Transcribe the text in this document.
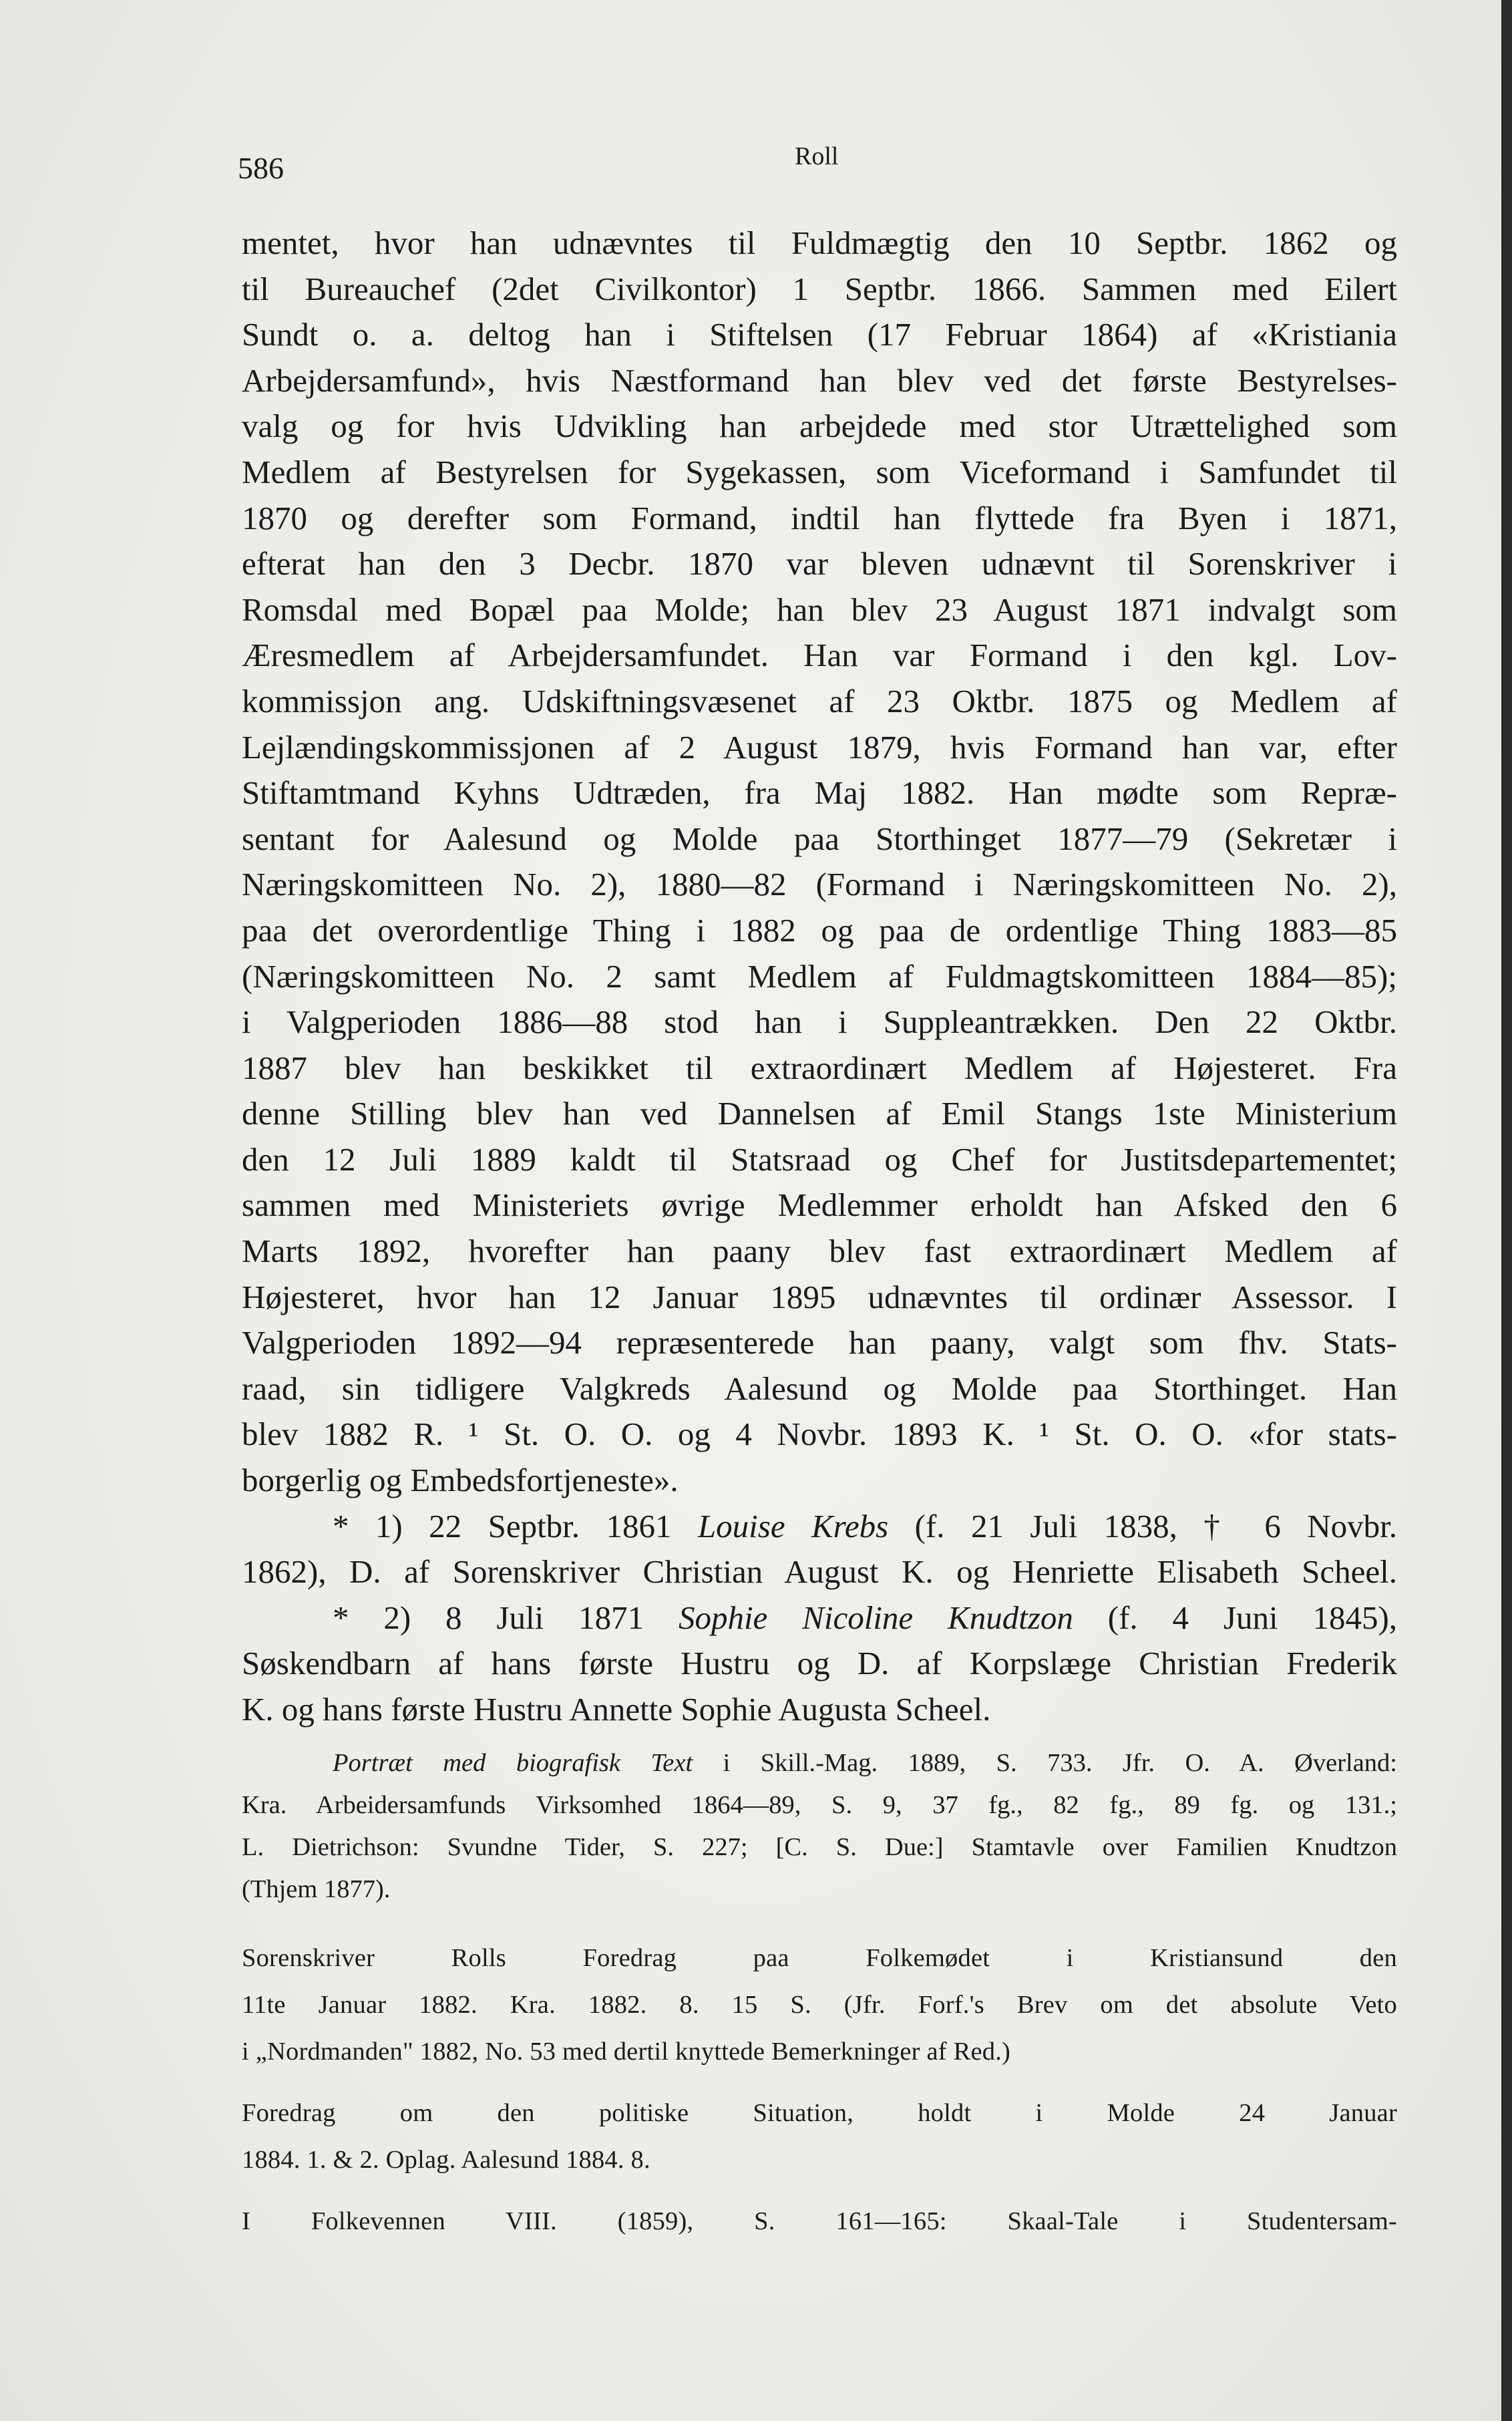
586	Roll
mentet, hvor han udnævntes til Fuldmægtig den 10 Septbr. 1862 og
til Bureauchef (2det Civilkontor) 1 Septbr. 1866. Sammen med Eilert
Sundt o. a. deltog han i Stiftelsen (17 Februar 1864) af «Kristiania
Arbejdersamfund», hvis Næstformand han blev ved det første Bestyrelses-
valg og for hvis Udvikling han arbejdede med stor Utrættelighed som
Medlem af Bestyrelsen for Sygekassen, som Viceformand i Samfundet til
1870 og derefter som Formand, indtil han flyttede fra Byen i 1871,
efterat han den 3 Decbr. 1870 var bleven udnævnt til Sorenskriver i
Romsdal med Bopæl paa Molde; han blev 23 August 1871 indvalgt som
Æresmedlem af Arbejdersamfundet. Han var Formand i den kgl. Lov-
kommissjon ang. Udskiftningsvæsenet af 23 Oktbr. 1875 og Medlem af
Lejlændingskommissjonen af 2 August 1879, hvis Formand han var, efter
Stiftamtmand Kyhns Udtræden, fra Maj 1882. Han mødte som Repræ-
sentant for Aalesund og Molde paa Storthinget 1877—79 (Sekretær i
Næringskomitteen No. 2), 1880—82 (Formand i Næringskomitteen No. 2),
paa det overordentlige Thing i 1882 og paa de ordentlige Thing 1883—85
(Næringskomitteen No. 2 samt Medlem af Fuldmagtskomitteen 1884—85);
i Valgperioden 1886—88 stod han i Suppleantrækken. Den 22 Oktbr.
1887 blev han beskikket til extraordinært Medlem af Højesteret. Fra
denne Stilling blev han ved Dannelsen af Emil Stangs 1ste Ministerium
den 12 Juli 1889 kaldt til Statsraad og Chef for Justitsdepartementet;
sammen med Ministeriets øvrige Medlemmer erholdt han Afsked den 6
Marts 1892, hvorefter han paany blev fast extraordinært Medlem af
Højesteret, hvor han 12 Januar 1895 udnævntes til ordinær Assessor. I
Valgperioden 1892—94 repræsenterede han paany, valgt som fhv. Stats-
raad, sin tidligere Valgkreds Aalesund og Molde paa Storthinget. Han
blev 1882 R. ¹ St. O. O. og 4 Novbr. 1893 K. ¹ St. O. O. «for stats-
borgerlig og Embedsfortjeneste».
* 1) 22 Septbr. 1861 Louise Krebs (f. 21 Juli 1838, † 6 Novbr.
1862), D. af Sorenskriver Christian August K. og Henriette Elisabeth Scheel.
* 2) 8 Juli 1871 Sophie Nicoline Knudtzon (f. 4 Juni 1845),
Søskendbarn af hans første Hustru og D. af Korpslæge Christian Frederik
K. og hans første Hustru Annette Sophie Augusta Scheel.
Portræt med biografisk Text i Skill.-Mag. 1889, S. 733. Jfr. O. A. Øverland:
Kra. Arbeidersamfunds Virksomhed 1864—89, S. 9, 37 fg., 82 fg., 89 fg. og 131.;
L. Dietrichson: Svundne Tider, S. 227; [C. S. Due:] Stamtavle over Familien Knudtzon
(Thjem 1877).
Sorenskriver Rolls Foredrag paa Folkemødet i Kristiansund den
11te Januar 1882. Kra. 1882. 8. 15 S. (Jfr. Forf.'s Brev om det absolute Veto
i „Nordmanden" 1882, No. 53 med dertil knyttede Bemerkninger af Red.)
Foredrag om den politiske Situation, holdt i Molde 24 Januar
1884. 1. & 2. Oplag. Aalesund 1884. 8.
I Folkevennen VIII. (1859), S. 161—165: Skaal-Tale i Studentersam-
